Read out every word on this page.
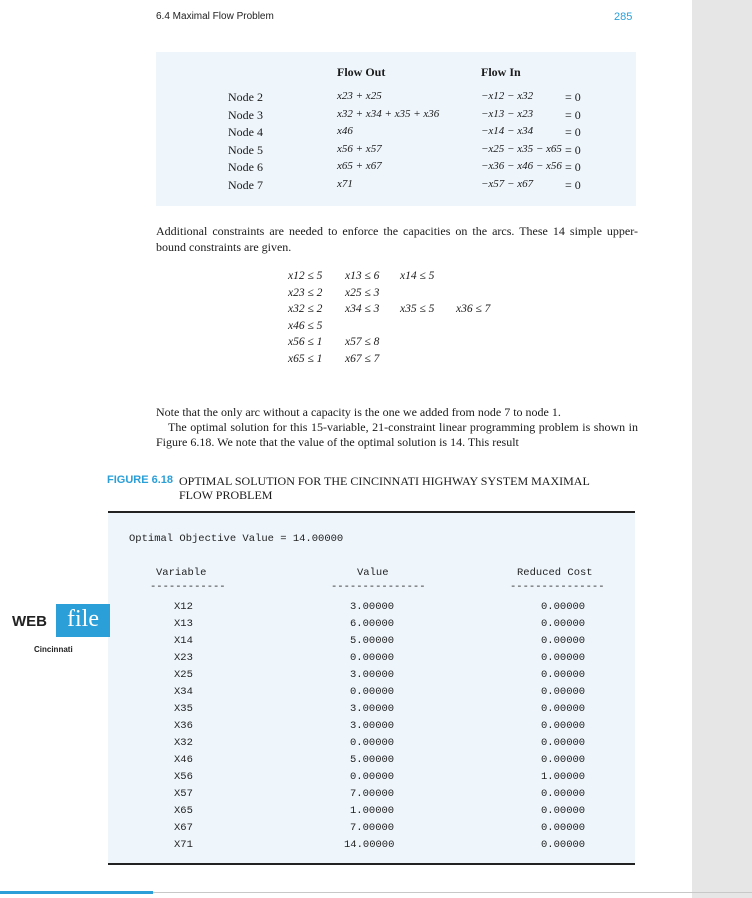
6.4 Maximal Flow Problem	285
Flow Out	Flow In
Node 2	x23 + x25	−x12 − x32	= 0
Node 3	x32 + x34 + x35 + x36	−x13 − x23	= 0
Node 4	x46	−x14 − x34	= 0
Node 5	x56 + x57	−x25 − x35 − x65 = 0
Node 6	x65 + x67	−x36 − x46 − x56 = 0
Node 7	x71	−x57 − x67	= 0
Additional constraints are needed to enforce the capacities on the arcs. These 14 simple upper-bound constraints are given.
x12 ≤ 5 x13 ≤ 6 x14 ≤ 5
x23 ≤ 2 x25 ≤ 3
x32 ≤ 2 x34 ≤ 3 x35 ≤ 5 x36 ≤ 7
x46 ≤ 5
x56 ≤ 1 x57 ≤ 8
x65 ≤ 1 x67 ≤ 7
Note that the only arc without a capacity is the one we added from node 7 to node 1.
The optimal solution for this 15-variable, 21-constraint linear programming problem is shown in Figure 6.18. We note that the value of the optimal solution is 14. This result
FIGURE 6.18 OPTIMAL SOLUTION FOR THE CINCINNATI HIGHWAY SYSTEM MAXIMAL FLOW PROBLEM
Optimal Objective Value = 14.00000
Variable	Value	Reduced Cost
------------	---------------	---------------
X12	3.00000	0.00000
X13	6.00000	0.00000
X14	5.00000	0.00000
X23	0.00000	0.00000
X25	3.00000	0.00000
X34	0.00000	0.00000
X35	3.00000	0.00000
X36	3.00000	0.00000
X32	0.00000	0.00000
X46	5.00000	0.00000
X56	0.00000	1.00000
X57	7.00000	0.00000
X65	1.00000	0.00000
X67	7.00000	0.00000
X71	14.00000	0.00000
WEB file
Cincinnati
